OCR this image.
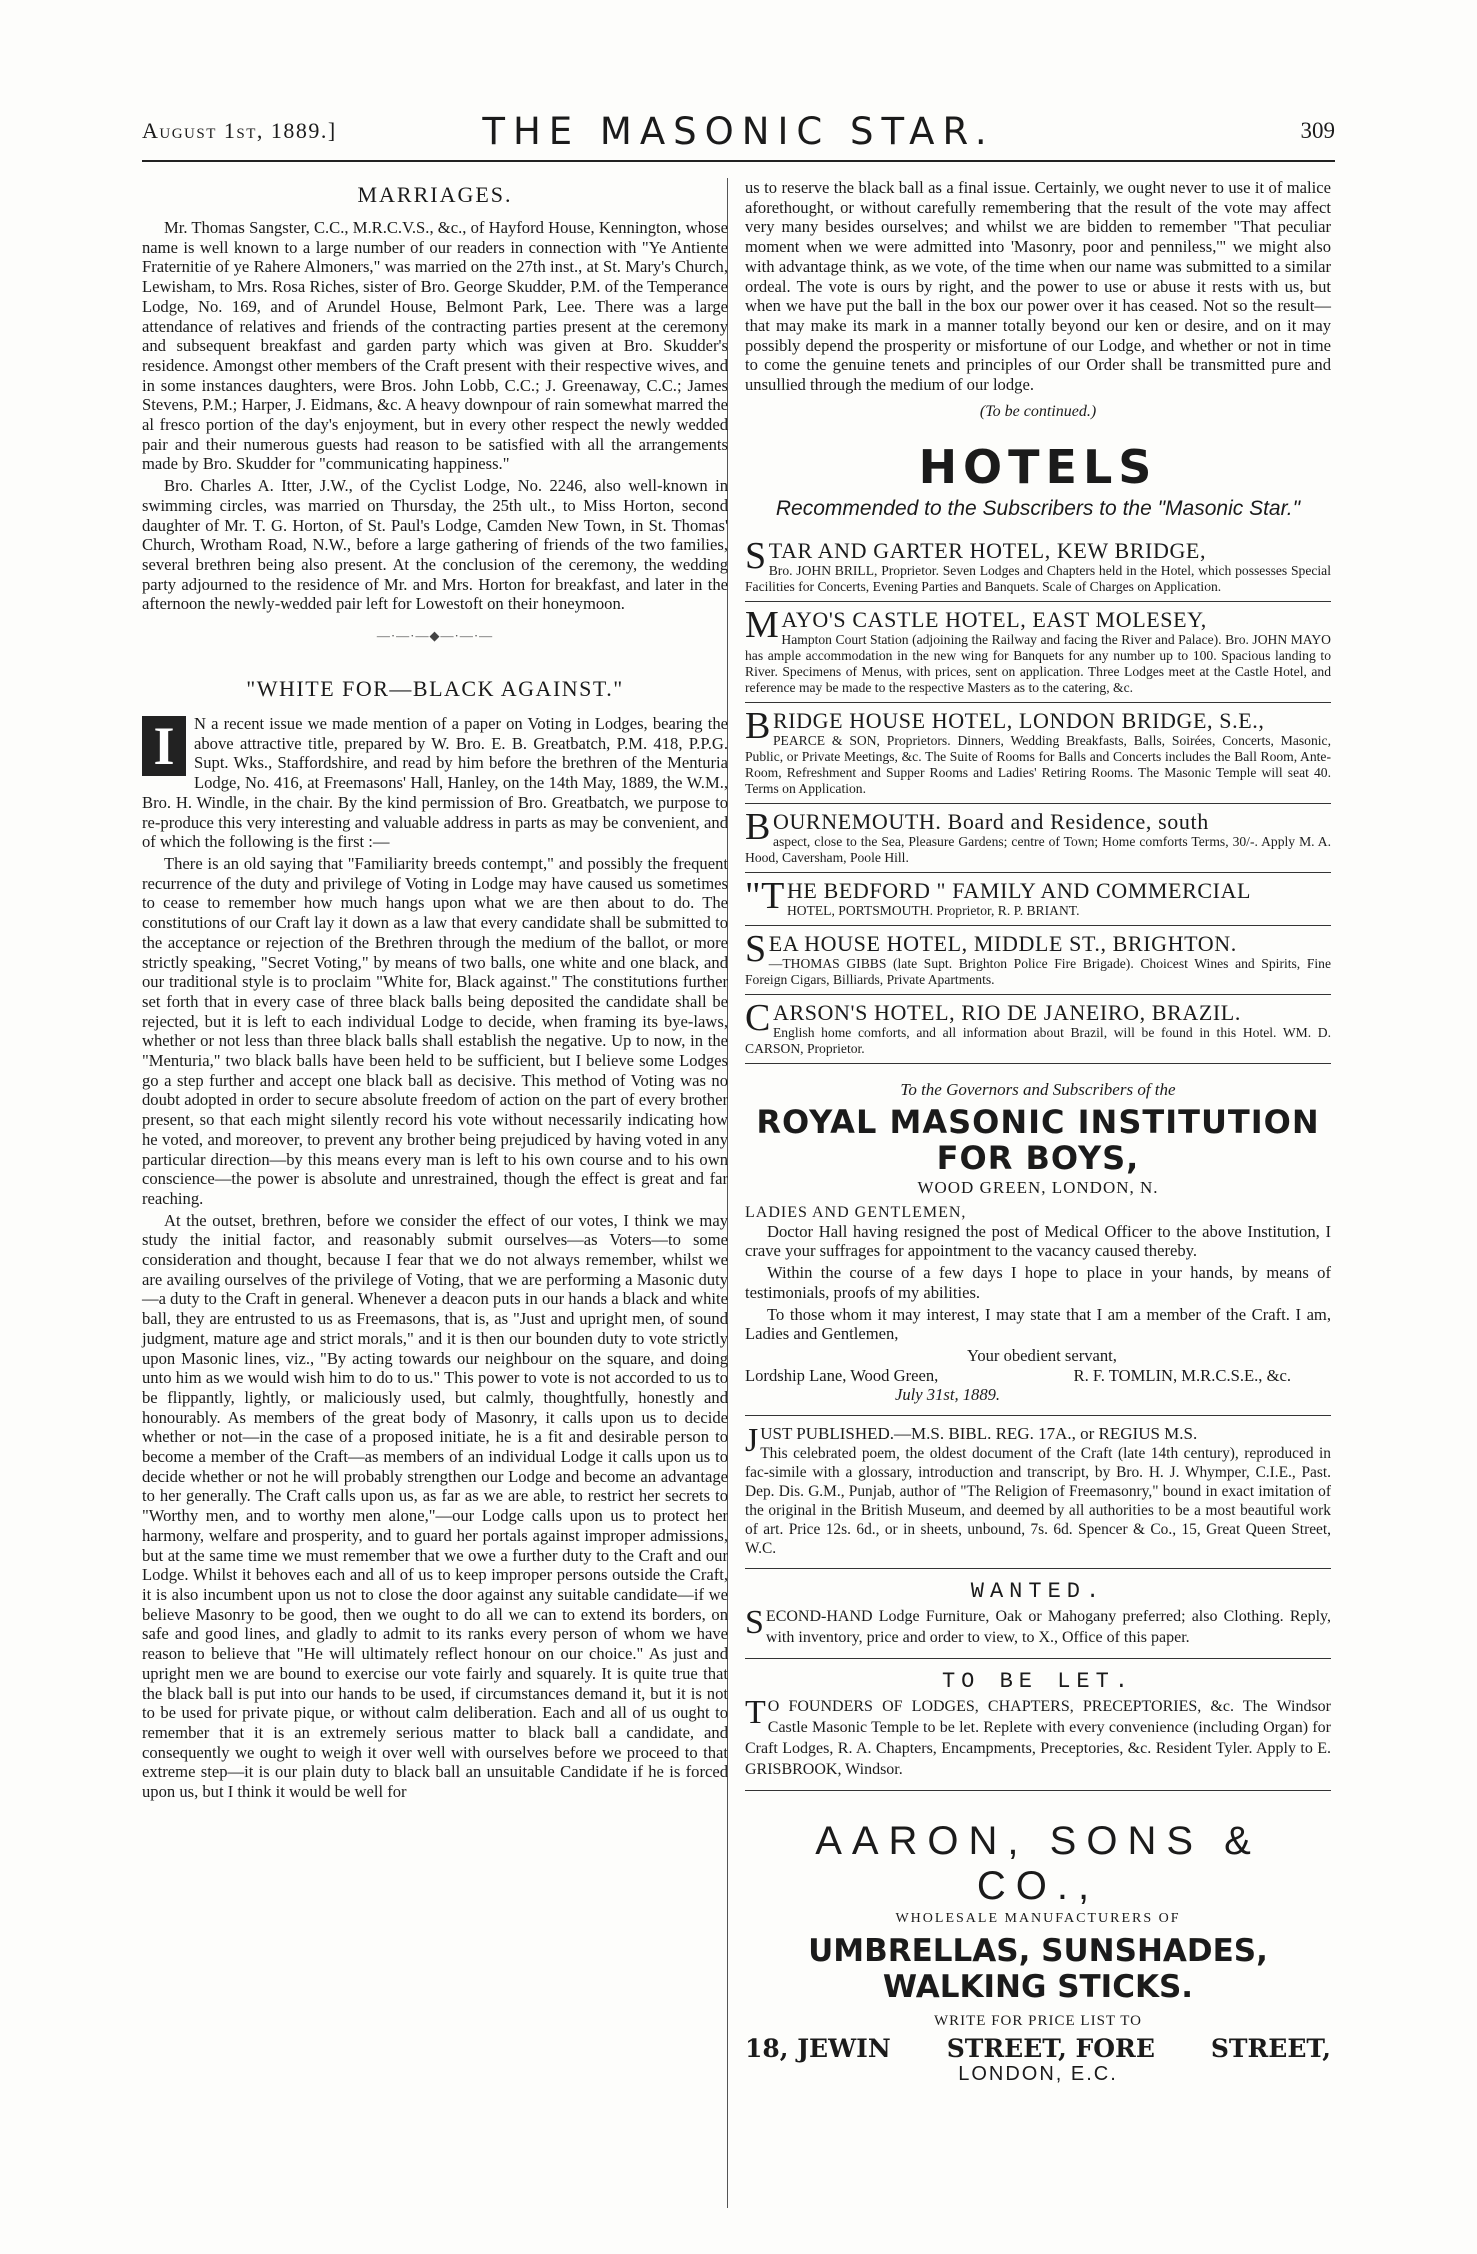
August 1st, 1889.]	THE MASONIC STAR.	309
MARRIAGES.

Mr. Thomas Sangster, C.C., M.R.C.V.S., &c., of Hayford House, Kennington, whose name is well known to a large number of our readers in connection with "Ye Antiente Fraternitie of ye Rahere Almoners," was married on the 27th inst., at St. Mary's Church, Lewisham, to Mrs. Rosa Riches, sister of Bro. George Skudder, P.M. of the Temperance Lodge, No. 169, and of Arundel House, Belmont Park, Lee. There was a large attendance of relatives and friends of the contracting parties present at the ceremony and subsequent breakfast and garden party which was given at Bro. Skudder's residence. Amongst other members of the Craft present with their respective wives, and in some instances daughters, were Bros. John Lobb, C.C.; J. Greenaway, C.C.; James Stevens, P.M.; Harper, J. Eidmans, &c. A heavy downpour of rain somewhat marred the al fresco portion of the day's enjoyment, but in every other respect the newly wedded pair and their numerous guests had reason to be satisfied with all the arrangements made by Bro. Skudder for "communicating happiness."

Bro. Charles A. Itter, J.W., of the Cyclist Lodge, No. 2246, also well-known in swimming circles, was married on Thursday, the 25th ult., to Miss Horton, second daughter of Mr. T. G. Horton, of St. Paul's Lodge, Camden New Town, in St. Thomas' Church, Wrotham Road, N.W., before a large gathering of friends of the two families, several brethren being also present. At the conclusion of the ceremony, the wedding party adjourned to the residence of Mr. and Mrs. Horton for breakfast, and later in the afternoon the newly-wedded pair left for Lowestoft on their honeymoon.

—·—·—◆—·—·—
"WHITE FOR—BLACK AGAINST."
I	N a recent issue we made mention of a paper on Voting in Lodges, bearing the above attractive title, prepared by W. Bro. E. B. Greatbatch, P.M. 418, P.P.G. Supt. Wks., Staffordshire, and read by him before the brethren of the Menturia Lodge, No. 416, at Freemasons' Hall, Hanley, on the 14th May, 1889, the W.M., Bro. H. Windle, in the chair. By the kind permission of Bro. Greatbatch, we purpose to re-produce this very interesting and valuable address in parts as may be convenient, and of which the following is the first :—

There is an old saying that "Familiarity breeds contempt," and possibly the frequent recurrence of the duty and privilege of Voting in Lodge may have caused us sometimes to cease to remember how much hangs upon what we are then about to do. The constitutions of our Craft lay it down as a law that every candidate shall be submitted to the acceptance or rejection of the Brethren through the medium of the ballot, or more strictly speaking, "Secret Voting," by means of two balls, one white and one black, and our traditional style is to proclaim "White for, Black against." The constitutions further set forth that in every case of three black balls being deposited the candidate shall be rejected, but it is left to each individual Lodge to decide, when framing its bye-laws, whether or not less than three black balls shall establish the negative. Up to now, in the "Menturia," two black balls have been held to be sufficient, but I believe some Lodges go a step further and accept one black ball as decisive. This method of Voting was no doubt adopted in order to secure absolute freedom of action on the part of every brother present, so that each might silently record his vote without necessarily indicating how he voted, and moreover, to prevent any brother being prejudiced by having voted in any particular direction—by this means every man is left to his own course and to his own conscience—the power is absolute and unrestrained, though the effect is great and far reaching.

At the outset, brethren, before we consider the effect of our votes, I think we may study the initial factor, and reasonably submit ourselves—as Voters—to some consideration and thought, because I fear that we do not always remember, whilst we are availing ourselves of the privilege of Voting, that we are performing a Masonic duty—a duty to the Craft in general. Whenever a deacon puts in our hands a black and white ball, they are entrusted to us as Freemasons, that is, as "Just and upright men, of sound judgment, mature age and strict morals," and it is then our bounden duty to vote strictly upon Masonic lines, viz., "By acting towards our neighbour on the square, and doing unto him as we would wish him to do to us." This power to vote is not accorded to us to be flippantly, lightly, or maliciously used, but calmly, thoughtfully, honestly and honourably. As members of the great body of Masonry, it calls upon us to decide whether or not—in the case of a proposed initiate, he is a fit and desirable person to become a member of the Craft—as members of an individual Lodge it calls upon us to decide whether or not he will probably strengthen our Lodge and become an advantage to her generally. The Craft calls upon us, as far as we are able, to restrict her secrets to "Worthy men, and to worthy men alone,"—our Lodge calls upon us to protect her harmony, welfare and prosperity, and to guard her portals against improper admissions, but at the same time we must remember that we owe a further duty to the Craft and our Lodge. Whilst it behoves each and all of us to keep improper persons outside the Craft, it is also incumbent upon us not to close the door against any suitable candidate—if we believe Masonry to be good, then we ought to do all we can to extend its borders, on safe and good lines, and gladly to admit to its ranks every person of whom we have reason to believe that "He will ultimately reflect honour on our choice." As just and upright men we are bound to exercise our vote fairly and squarely. It is quite true that the black ball is put into our hands to be used, if circumstances demand it, but it is not to be used for private pique, or without calm deliberation. Each and all of us ought to remember that it is an extremely serious matter to black ball a candidate, and consequently we ought to weigh it over well with ourselves before we proceed to that extreme step—it is our plain duty to black ball an unsuitable Candidate if he is forced upon us, but I think it would be well for

us to reserve the black ball as a final issue. Certainly, we ought never to use it of malice aforethought, or without carefully remembering that the result of the vote may affect very many besides ourselves; and whilst we are bidden to remember "That peculiar moment when we were admitted into 'Masonry, poor and penniless,'" we might also with advantage think, as we vote, of the time when our name was submitted to a similar ordeal. The vote is ours by right, and the power to use or abuse it rests with us, but when we have put the ball in the box our power over it has ceased. Not so the result—that may make its mark in a manner totally beyond our ken or desire, and on it may possibly depend the prosperity or misfortune of our Lodge, and whether or not in time to come the genuine tenets and principles of our Order shall be transmitted pure and unsullied through the medium of our lodge.

(To be continued.)
HOTELS
Recommended to the Subscribers to the "Masonic Star."
STAR AND GARTER HOTEL, KEW BRIDGE,
Bro. JOHN BRILL, Proprietor. Seven Lodges and Chapters held in the Hotel, which possesses Special Facilities for Concerts, Evening Parties and Banquets. Scale of Charges on Application.
MAYO'S CASTLE HOTEL, EAST MOLESEY,
Hampton Court Station (adjoining the Railway and facing the River and Palace). Bro. JOHN MAYO has ample accommodation in the new wing for Banquets for any number up to 100. Spacious landing to River. Specimens of Menus, with prices, sent on application. Three Lodges meet at the Castle Hotel, and reference may be made to the respective Masters as to the catering, &c.
BRIDGE HOUSE HOTEL, LONDON BRIDGE, S.E.,
PEARCE & SON, Proprietors. Dinners, Wedding Breakfasts, Balls, Soirées, Concerts, Masonic, Public, or Private Meetings, &c. The Suite of Rooms for Balls and Concerts includes the Ball Room, Ante-Room, Refreshment and Supper Rooms and Ladies' Retiring Rooms. The Masonic Temple will seat 40. Terms on Application.
BOURNEMOUTH. Board and Residence, south
aspect, close to the Sea, Pleasure Gardens; centre of Town; Home comforts Terms, 30/-. Apply M. A. Hood, Caversham, Poole Hill.
"THE BEDFORD " FAMILY AND COMMERCIAL
HOTEL, PORTSMOUTH. Proprietor, R. P. BRIANT.
SEA HOUSE HOTEL, MIDDLE ST., BRIGHTON.
—THOMAS GIBBS (late Supt. Brighton Police Fire Brigade). Choicest Wines and Spirits, Fine Foreign Cigars, Billiards, Private Apartments.
CARSON'S HOTEL, RIO DE JANEIRO, BRAZIL.
English home comforts, and all information about Brazil, will be found in this Hotel. WM. D. CARSON, Proprietor.
To the Governors and Subscribers of the
ROYAL MASONIC INSTITUTION FOR BOYS,
WOOD GREEN, LONDON, N.
LADIES AND GENTLEMEN,

Doctor Hall having resigned the post of Medical Officer to the above Institution, I crave your suffrages for appointment to the vacancy caused thereby.

Within the course of a few days I hope to place in your hands, by means of testimonials, proofs of my abilities.

To those whom it may interest, I may state that I am a member of the Craft. I am, Ladies and Gentlemen,

Your obedient servant,
Lordship Lane, Wood Green,	R. F. TOMLIN, M.R.C.S.E., &c.
July 31st, 1889.
JUST PUBLISHED.—M.S. BIBL. REG. 17A., or REGIUS M.S.
This celebrated poem, the oldest document of the Craft (late 14th century), reproduced in fac-simile with a glossary, introduction and transcript, by Bro. H. J. Whymper, C.I.E., Past. Dep. Dis. G.M., Punjab, author of "The Religion of Freemasonry," bound in exact imitation of the original in the British Museum, and deemed by all authorities to be a most beautiful work of art. Price 12s. 6d., or in sheets, unbound, 7s. 6d. Spencer & Co., 15, Great Queen Street, W.C.
WANTED.
SECOND-HAND Lodge Furniture, Oak or Mahogany preferred; also Clothing. Reply, with inventory, price and order to view, to X., Office of this paper.
TO BE LET.
T O FOUNDERS OF LODGES, CHAPTERS, PRECEPTORIES, &c. The Windsor Castle Masonic Temple to be let. Replete with every convenience (including Organ) for Craft Lodges, R. A. Chapters, Encampments, Preceptories, &c. Resident Tyler. Apply to E. GRISBROOK, Windsor.
AARON, SONS & CO.,
WHOLESALE MANUFACTURERS OF
UMBRELLAS, SUNSHADES, WALKING STICKS.
WRITE FOR PRICE LIST TO
18, JEWIN STREET, FORE STREET,
LONDON, E.C.
